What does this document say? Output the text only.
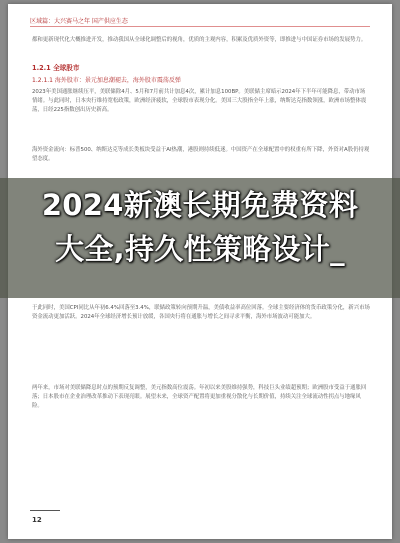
区域篇：大兴赛马之年 国产供应生态
都和更新现代化大概推进开发，推动我国从全球化调整后的视角，优质的主观内容，积累及优质外资等，即推进与中国证券市场的发展势力。
1.2.1 全球股市
1.2.1.1 海外股市：景元加息潮褪去，海外股市震荡反弹
2023年美国通胀继续压平，美联储除4月、5月和7月前共计加息4次，累计加息100BP。美联储主席暗示2024年下半年可能降息，带动市场情绪。与此同时，日本央行维持宽松政策，欧洲经济疲软，全球股市表现分化。美国三大股指全年上涨，纳斯达克指数领涨，欧洲市场整体震荡，日经225指数创出历史新高。
海外资金流向：标普500、纳斯达克等成长类板块受益于AI热潮，港股则持续低迷。中国资产在全球配置中的权重有所下降，外资对A股仍持观望态度。
于此同时，美国CPI同比从年初6.4%回落至3.4%，联储政策转向预期升温，美债收益率高位回落。全球主要经济体的货币政策分化，新兴市场资金流动更加活跃。2024年全球经济增长预计放缓，各国央行将在通胀与增长之间寻求平衡，海外市场波动可能加大。
两年来，市场对美联储降息时点的预期反复调整，美元指数高位震荡。年初以来美股维持强势，科技巨头业绩超预期；欧洲股市受益于通胀回落；日本股市在企业治理改革推动下表现亮眼。展望未来，全球资产配置将更加重视分散化与长期价值，持续关注全球流动性拐点与地缘风险。
12
2024新澳长期免费资料
大全,持久性策略设计_
